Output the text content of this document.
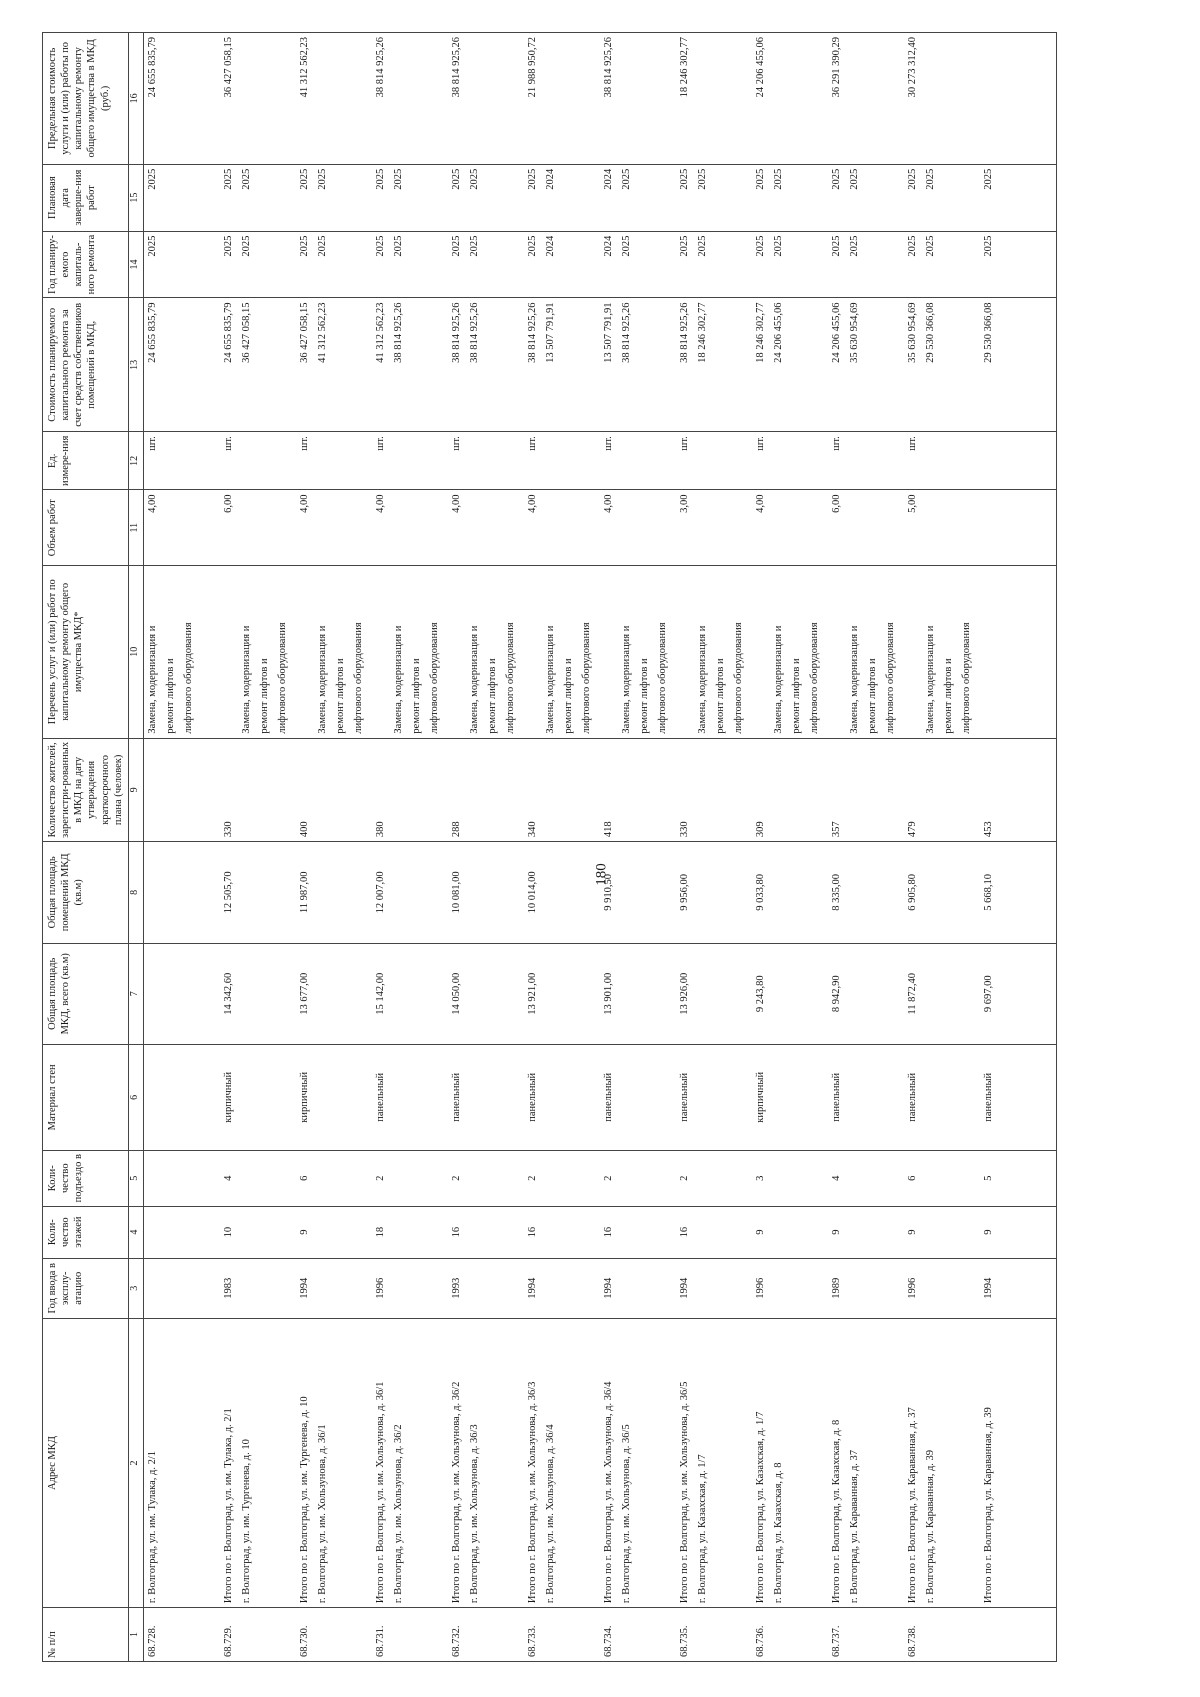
180
№ п/п	Адрес МКД	Год ввода в эксплу-атацию	Коли-чество этажей	Коли-чество подъездо в	Материал стен	Общая площадь МКД, всего (кв.м)	Общая площадь помещений МКД (кв.м)	Количество жителей, зарегистри-рованных в МКД на дату утверждения краткосрочного плана (человек)	Перечень услуг и (или) работ по капитальному ремонту общего имущества МКД*	Объем работ	Ед. измере-ния	Стоимость планируемого капитального ремонта за счет средств собственников помещений в МКД,	Год планиру-емого капиталь-ного ремонта	Плановая дата заверше-ния работ	Предельная стоимость услуги и (или) работы по капитальному ремонту общего имущества в МКД (руб.)
1	2	3	4	5	6	7	8	9	10	11	12	13	14	15	16

68.728.	г. Волгоград, ул. им. Тулака, д. 2/1								Замена, модернизация и ремонт лифтов и лифтового оборудования	4,00	шт.	24 655 835,79	2025	2025	24 655 835,79

68.729.	Итого по г. Волгоград, ул. им. Тулака, д. 2/1 г. Волгоград, ул. им. Тургенева, д. 10	1983	10	4	кирпичный	14 342,60	12 505,70	330	Замена, модернизация и ремонт лифтов и лифтового оборудования	6,00	шт.	24 655 835,79 36 427 058,15	2025 2025	2025 2025	36 427 058,15

68.730.	Итого по г. Волгоград, ул. им. Тургенева, д. 10 г. Волгоград, ул. им. Хользунова, д. 36/1	1994	9	6	кирпичный	13 677,00	11 987,00	400	Замена, модернизация и ремонт лифтов и лифтового оборудования	4,00	шт.	36 427 058,15 41 312 562,23	2025 2025	2025 2025	41 312 562,23

68.731.	Итого по г. Волгоград, ул. им. Хользунова, д. 36/1 г. Волгоград, ул. им. Хользунова, д. 36/2	1996	18	2	панельный	15 142,00	12 007,00	380	Замена, модернизация и ремонт лифтов и лифтового оборудования	4,00	шт.	41 312 562,23 38 814 925,26	2025 2025	2025 2025	38 814 925,26

68.732.	Итого по г. Волгоград, ул. им. Хользунова, д. 36/2 г. Волгоград, ул. им. Хользунова, д. 36/3	1993	16	2	панельный	14 050,00	10 081,00	288	Замена, модернизация и ремонт лифтов и лифтового оборудования	4,00	шт.	38 814 925,26 38 814 925,26	2025 2025	2025 2025	38 814 925,26

68.733.	Итого по г. Волгоград, ул. им. Хользунова, д. 36/3 г. Волгоград, ул. им. Хользунова, д. 36/4	1994	16	2	панельный	13 921,00	10 014,00	340	Замена, модернизация и ремонт лифтов и лифтового оборудования	4,00	шт.	38 814 925,26 13 507 791,91	2025 2024	2025 2024	21 988 950,72

68.734.	Итого по г. Волгоград, ул. им. Хользунова, д. 36/4 г. Волгоград, ул. им. Хользунова, д. 36/5	1994	16	2	панельный	13 901,00	9 910,50	418	Замена, модернизация и ремонт лифтов и лифтового оборудования	4,00	шт.	13 507 791,91 38 814 925,26	2024 2025	2024 2025	38 814 925,26

68.735.	Итого по г. Волгоград, ул. им. Хользунова, д. 36/5 г. Волгоград, ул. Казахская, д. 1/7	1994	16	2	панельный	13 926,00	9 956,00	330	Замена, модернизация и ремонт лифтов и лифтового оборудования	3,00	шт.	38 814 925,26 18 246 302,77	2025 2025	2025 2025	18 246 302,77

68.736.	Итого по г. Волгоград, ул. Казахская, д. 1/7 г. Волгоград, ул. Казахская, д. 8	1996	9	3	кирпичный	9 243,80	9 033,80	309	Замена, модернизация и ремонт лифтов и лифтового оборудования	4,00	шт.	18 246 302,77 24 206 455,06	2025 2025	2025 2025	24 206 455,06

68.737.	Итого по г. Волгоград, ул. Казахская, д. 8 г. Волгоград, ул. Караванная, д. 37	1989	9	4	панельный	8 942,90	8 335,00	357	Замена, модернизация и ремонт лифтов и лифтового оборудования	6,00	шт.	24 206 455,06 35 630 954,69	2025 2025	2025 2025	36 291 390,29

68.738.	Итого по г. Волгоград, ул. Караванная, д. 37 г. Волгоград, ул. Караванная, д. 39	1996	9	6	панельный	11 872,40	6 905,80	479	Замена, модернизация и ремонт лифтов и лифтового оборудования	5,00	шт.	35 630 954,69 29 530 366,08	2025 2025	2025 2025	30 273 312,40

	Итого по г. Волгоград, ул. Караванная, д. 39	1994	9	5	панельный	9 697,00	5 668,10	453				29 530 366,08	2025	2025	
